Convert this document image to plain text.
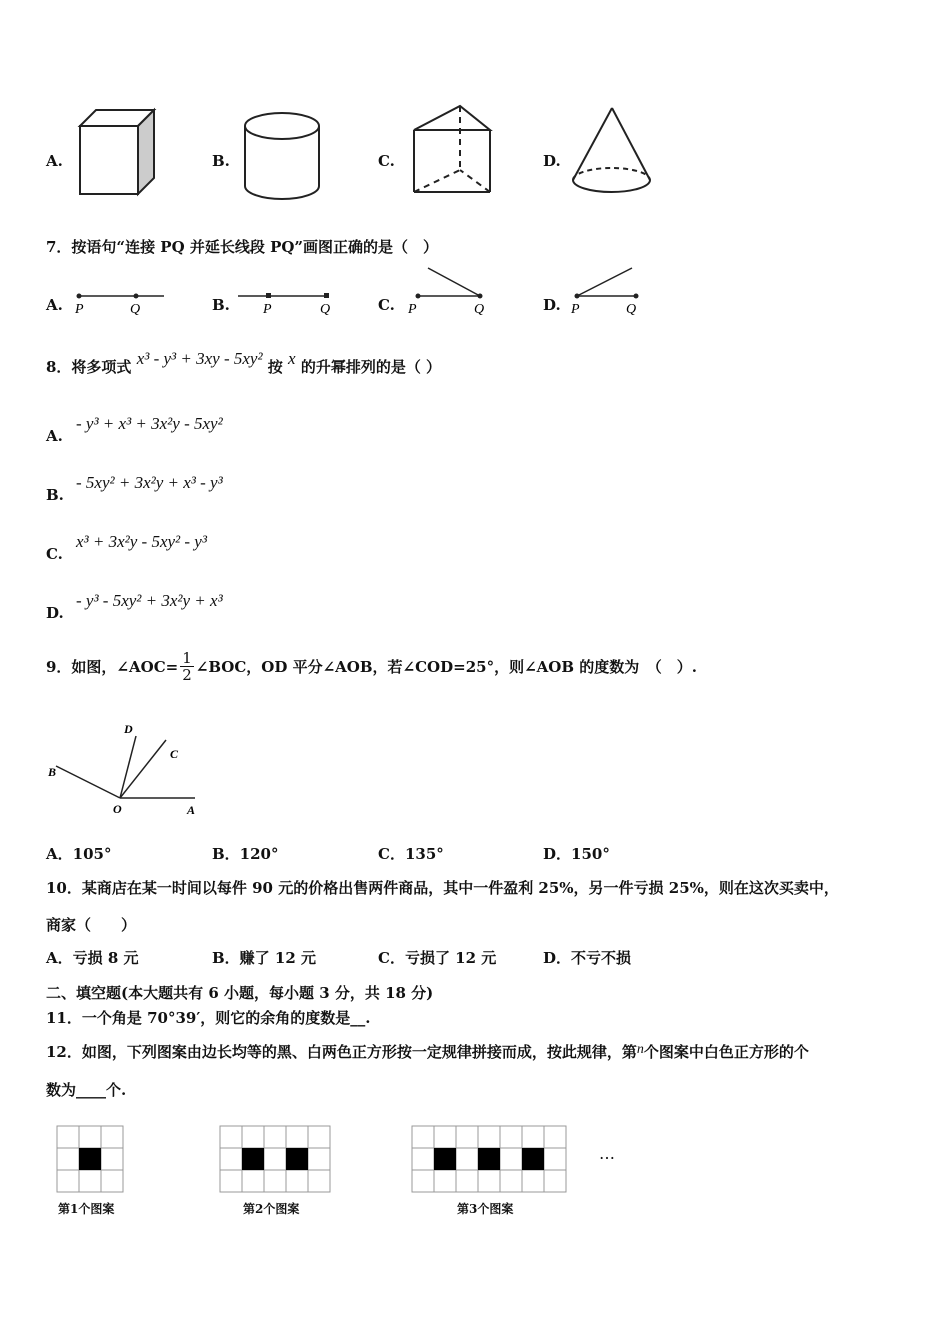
A.	B.	C.	D.
7．按语句“连接 PQ 并延长线段 PQ”画图正确的是（　）
A. P	Q	B. P	Q	C. P	Q	D. P	Q
8．将多项式 x³ - y³ + 3xy - 5xy² 按 x 的升幂排列的是（ ）
A.
- y³ + x³ + 3x²y - 5xy²
B.
- 5xy² + 3x²y + x³ - y³
C.
x³ + 3x²y - 5xy² - y³
D.
- y³ - 5xy² + 3x²y + x³
9．如图，∠AOC= $\frac{1}{2}$ ∠BOC，OD 平分∠AOB，若∠COD=25°，则∠AOB 的度数为　（　）.
D
C
B
O	A
A．105°	B．120°	C．135°	D．150°
10．某商店在某一时间以每件 90 元的价格出售两件商品，其中一件盈利 25%，另一件亏损 25%，则在这次买卖中，
商家（　　）
A．亏损 8 元	B．赚了 12 元	C．亏损了 12 元	D．不亏不损
二、填空题(本大题共有 6 小题，每小题 3 分，共 18 分)
11．一个角是 70°39′，则它的余角的度数是__.
12．如图，下列图案由边长均等的黑、白两色正方形按一定规律拼接而成，按此规律，第n个图案中白色正方形的个
数为____个.
第1个图案	第2个图案	第3个图案
…
